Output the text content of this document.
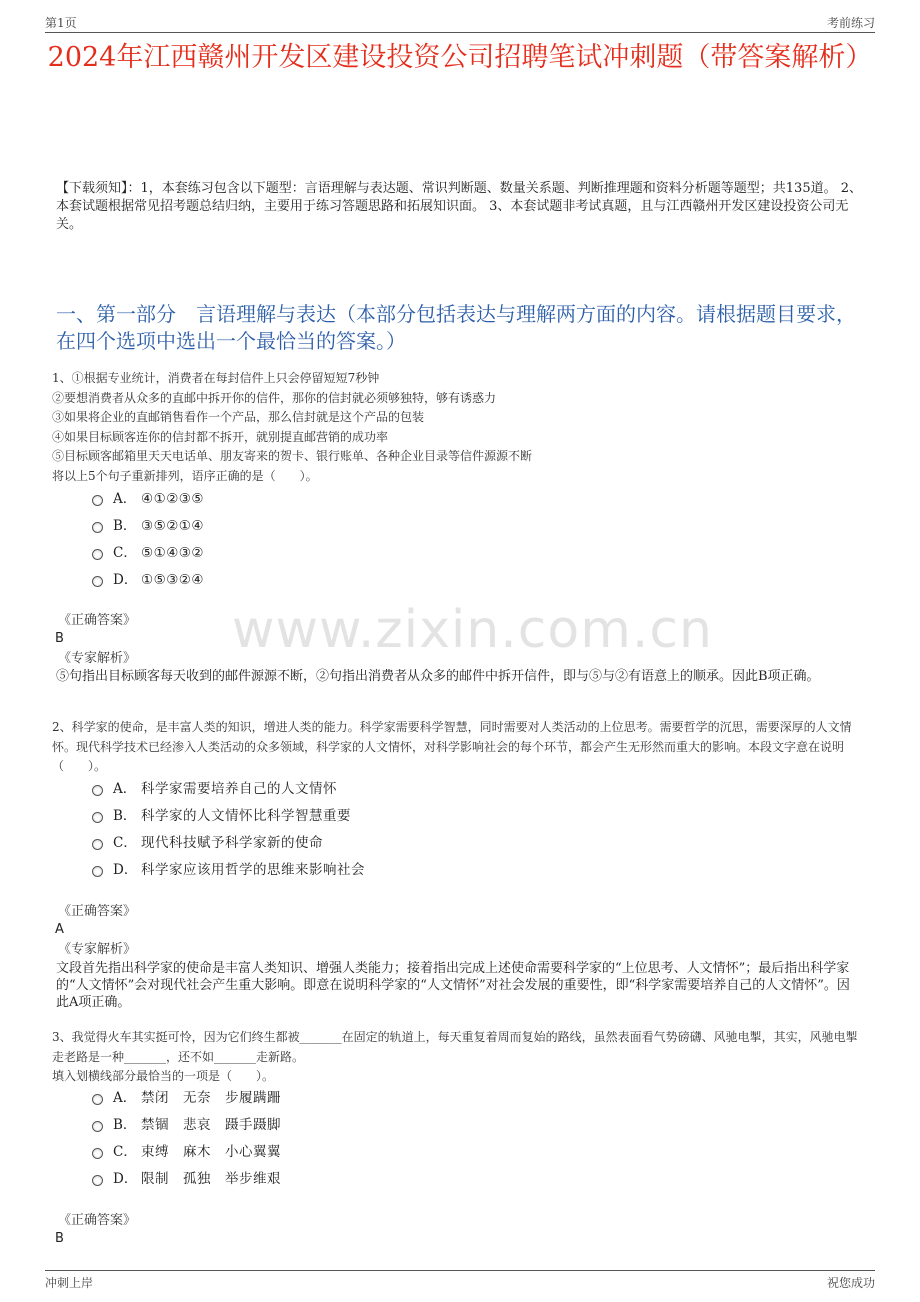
第1页	考前练习
2024年江西赣州开发区建设投资公司招聘笔试冲刺题（带答案解析）
【下载须知】：1，本套练习包含以下题型：言语理解与表达题、常识判断题、数量关系题、判断推理题和资料分析题等题型；共135道。 2、本套试题根据常见招考题总结归纳，主要用于练习答题思路和拓展知识面。 3、本套试题非考试真题，且与江西赣州开发区建设投资公司无关。
一、第一部分　言语理解与表达（本部分包括表达与理解两方面的内容。请根据题目要求，在四个选项中选出一个最恰当的答案。）
www.zixin.com.cn
1、①根据专业统计，消费者在每封信件上只会停留短短7秒钟
②要想消费者从众多的直邮中拆开你的信件，那你的信封就必须够独特，够有诱惑力
③如果将企业的直邮销售看作一个产品，那么信封就是这个产品的包装
④如果目标顾客连你的信封都不拆开，就别提直邮营销的成功率
⑤目标顾客邮箱里天天电话单、朋友寄来的贺卡、银行账单、各种企业目录等信件源源不断
将以上5个句子重新排列，语序正确的是（　　）。
A． ④①②③⑤
B． ③⑤②①④
C． ⑤①④③②
D． ①⑤③②④
《正确答案》
B
《专家解析》
⑤句指出目标顾客每天收到的邮件源源不断，②句指出消费者从众多的邮件中拆开信件，即与⑤与②有语意上的顺承。因此B项正确。
2、科学家的使命，是丰富人类的知识，增进人类的能力。科学家需要科学智慧，同时需要对人类活动的上位思考。需要哲学的沉思，需要深厚的人文情怀。现代科学技术已经渗入人类活动的众多领域，科学家的人文情怀，对科学影响社会的每个环节，都会产生无形然而重大的影响。本段文字意在说明（　　）。
A． 科学家需要培养自己的人文情怀
B． 科学家的人文情怀比科学智慧重要
C． 现代科技赋予科学家新的使命
D． 科学家应该用哲学的思维来影响社会
《正确答案》
A
《专家解析》
文段首先指出科学家的使命是丰富人类知识、增强人类能力；接着指出完成上述使命需要科学家的“上位思考、人文情怀”；最后指出科学家的“人文情怀”会对现代社会产生重大影响。即意在说明科学家的“人文情怀”对社会发展的重要性，即“科学家需要培养自己的人文情怀”。因此A项正确。
3、我觉得火车其实挺可怜，因为它们终生都被_______在固定的轨道上，每天重复着周而复始的路线，虽然表面看气势磅礴、风驰电掣，其实，风驰电掣走老路是一种_______，还不如_______走新路。
填入划横线部分最恰当的一项是（　　）。
A． 禁闭　无奈　步履蹒跚
B． 禁锢　悲哀　蹑手蹑脚
C． 束缚　麻木　小心翼翼
D． 限制　孤独　举步维艰
《正确答案》
B
冲刺上岸	祝您成功
